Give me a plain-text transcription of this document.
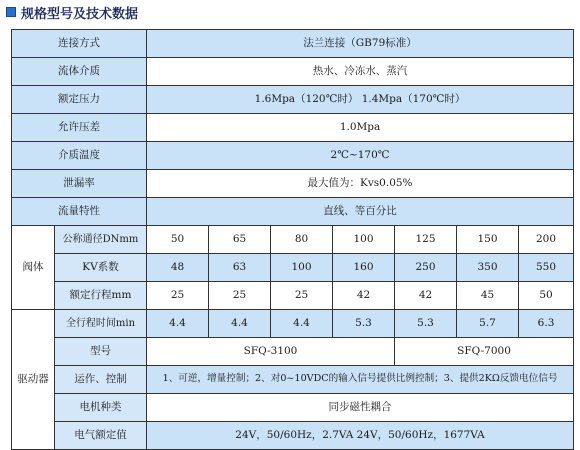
规格型号及技术数据
连接方式		法兰连接（GB79标准）						
流体介质		热水、冷冻水、蒸汽						
额定压力		1.6Mpa（120℃时） 1.4Mpa（170℃时）						
允许压差		1.0Mpa						
介质温度		2℃~170℃						
泄漏率		最大值为：Kvs0.05%						
流量特性		直线、等百分比						
阀体	公称通径DNmm	50	65	80	100	125	150	200
	KV系数	48	63	100	160	250	350	550
	额定行程mm	25	25	25	42	42	45	50
驱动器	全行程时间min	4.4	4.4	4.4	5.3	5.3	5.7	6.3
	型号	SFQ-3100				SFQ-7000		
	运作、控制	1、可逆，增量控制；2、对0~10VDC的输入信号提供比例控制；3、提供2KΩ反馈电位信号						
	电机种类	同步磁性耦合						
	电气额定值	24V，50/60Hz，2.7VA 24V，50/60Hz，1677VA						
